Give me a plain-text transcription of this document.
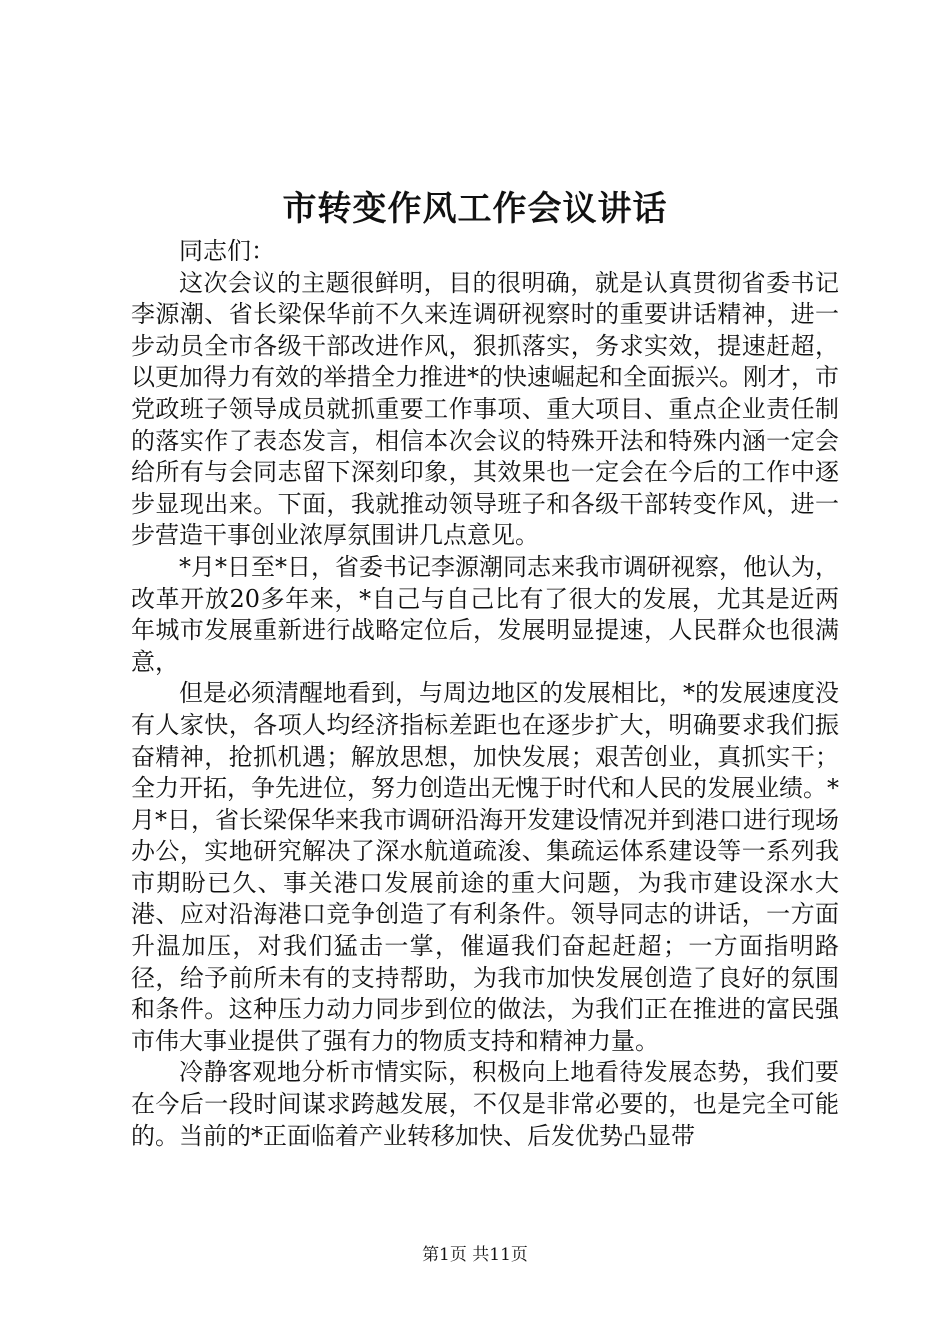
市转变作风工作会议讲话

同志们：

这次会议的主题很鲜明，目的很明确，就是认真贯彻省委书记李源潮、省长梁保华前不久来连调研视察时的重要讲话精神，进一步动员全市各级干部改进作风，狠抓落实，务求实效，提速赶超，以更加得力有效的举措全力推进*的快速崛起和全面振兴。刚才，市党政班子领导成员就抓重要工作事项、重大项目、重点企业责任制的落实作了表态发言，相信本次会议的特殊开法和特殊内涵一定会给所有与会同志留下深刻印象，其效果也一定会在今后的工作中逐步显现出来。下面，我就推动领导班子和各级干部转变作风，进一步营造干事创业浓厚氛围讲几点意见。

*月*日至*日，省委书记李源潮同志来我市调研视察，他认为，改革开放20多年来，*自己与自己比有了很大的发展，尤其是近两年城市发展重新进行战略定位后，发展明显提速，人民群众也很满意，

但是必须清醒地看到，与周边地区的发展相比，*的发展速度没有人家快，各项人均经济指标差距也在逐步扩大，明确要求我们振奋精神，抢抓机遇；解放思想，加快发展；艰苦创业，真抓实干；全力开拓，争先进位，努力创造出无愧于时代和人民的发展业绩。*月*日，省长梁保华来我市调研沿海开发建设情况并到港口进行现场办公，实地研究解决了深水航道疏浚、集疏运体系建设等一系列我市期盼已久、事关港口发展前途的重大问题，为我市建设深水大港、应对沿海港口竞争创造了有利条件。领导同志的讲话，一方面升温加压，对我们猛击一掌，催逼我们奋起赶超；一方面指明路径，给予前所未有的支持帮助，为我市加快发展创造了良好的氛围和条件。这种压力动力同步到位的做法，为我们正在推进的富民强市伟大事业提供了强有力的物质支持和精神力量。

冷静客观地分析市情实际，积极向上地看待发展态势，我们要在今后一段时间谋求跨越发展，不仅是非常必要的，也是完全可能的。当前的*正面临着产业转移加快、后发优势凸显带

第1页 共11页
